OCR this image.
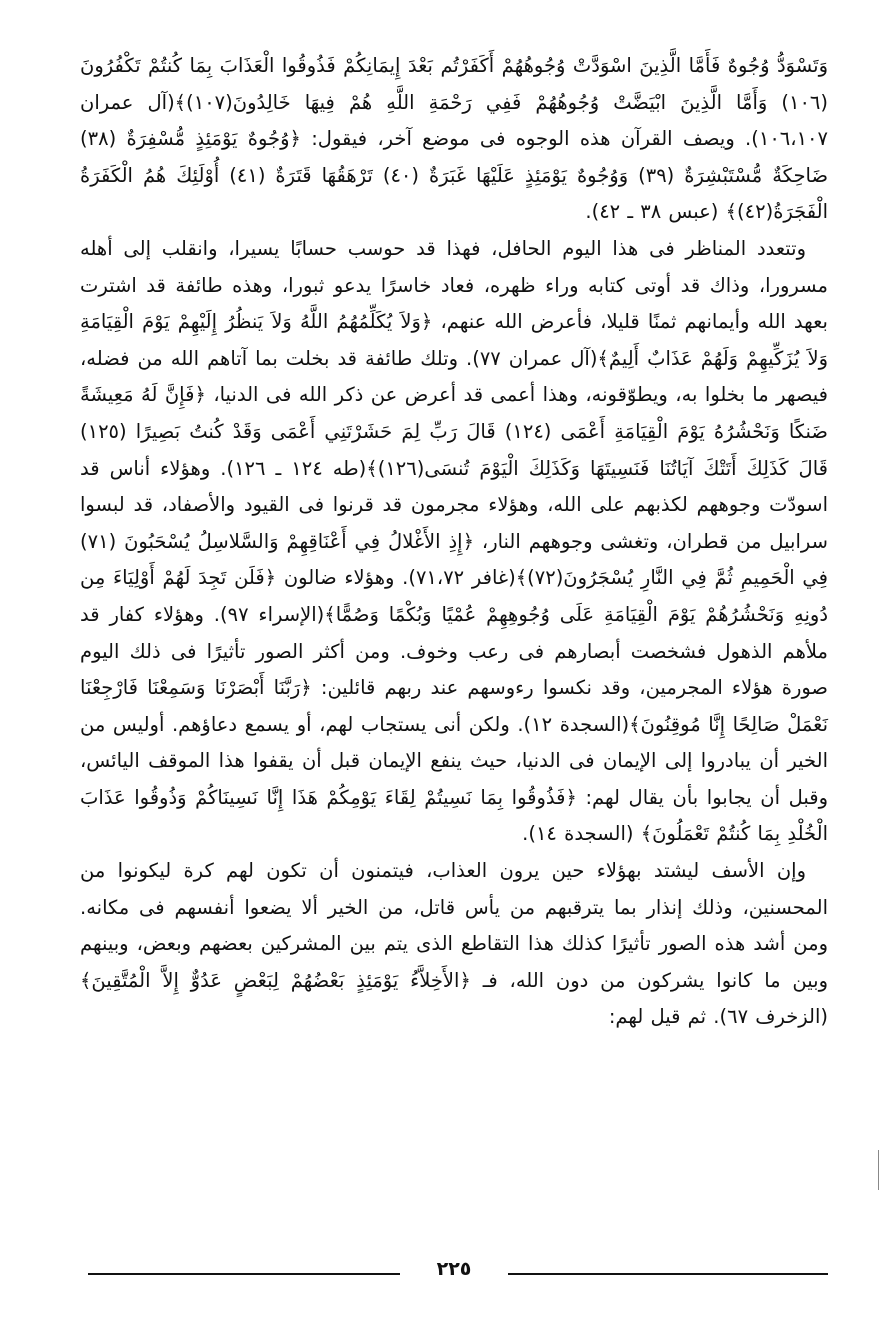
وَتَسْوَدُّ وُجُوهٌ فَأَمَّا الَّذِينَ اسْوَدَّتْ وُجُوهُهُمْ أَكَفَرْتُم بَعْدَ إِيمَانِكُمْ فَذُوقُوا الْعَذَابَ بِمَا كُنتُمْ تَكْفُرُونَ (١٠٦) وَأَمَّا الَّذِينَ ابْيَضَّتْ وُجُوهُهُمْ فَفِي رَحْمَةِ اللَّهِ هُمْ فِيهَا خَالِدُونَ(١٠٧)﴾(آل عمران ١٠٦،١٠٧). ويصف القرآن هذه الوجوه فى موضع آخر، فيقول: ﴿وُجُوهٌ يَوْمَئِذٍ مُّسْفِرَةٌ (٣٨) ضَاحِكَةٌ مُّسْتَبْشِرَةٌ (٣٩) وَوُجُوهٌ يَوْمَئِذٍ عَلَيْهَا غَبَرَةٌ (٤٠) تَرْهَقُهَا قَتَرَةٌ (٤١) أُوْلَئِكَ هُمُ الْكَفَرَةُ الْفَجَرَةُ(٤٢)﴾ (عبس ٣٨ ـ ٤٢).

وتتعدد المناظر فى هذا اليوم الحافل، فهذا قد حوسب حسابًا يسيرا، وانقلب إلى أهله مسرورا، وذاك قد أوتى كتابه وراء ظهره، فعاد خاسرًا يدعو ثبورا، وهذه طائفة قد اشترت بعهد الله وأيمانهم ثمنًا قليلا، فأعرض الله عنهم، ﴿وَلاَ يُكَلِّمُهُمُ اللَّهُ وَلاَ يَنظُرُ إِلَيْهِمْ يَوْمَ الْقِيَامَةِ وَلاَ يُزَكِّيهِمْ وَلَهُمْ عَذَابٌ أَلِيمٌ﴾(آل عمران ٧٧). وتلك طائفة قد بخلت بما آتاهم الله من فضله، فيصهر ما بخلوا به، ويطوّقونه، وهذا أعمى قد أعرض عن ذكر الله فى الدنيا، ﴿فَإِنَّ لَهُ مَعِيشَةً ضَنكًا وَنَحْشُرُهُ يَوْمَ الْقِيَامَةِ أَعْمَى (١٢٤) قَالَ رَبِّ لِمَ حَشَرْتَنِي أَعْمَى وَقَدْ كُنتُ بَصِيرًا (١٢٥) قَالَ كَذَلِكَ أَتَتْكَ آيَاتُنَا فَنَسِيتَهَا وَكَذَلِكَ الْيَوْمَ تُنسَى(١٢٦)﴾(طه ١٢٤ ـ ١٢٦). وهؤلاء أناس قد اسودّت وجوههم لكذبهم على الله، وهؤلاء مجرمون قد قرنوا فى القيود والأصفاد، قد لبسوا سرابيل من قطران، وتغشى وجوههم النار، ﴿إِذِ الأَغْلالُ فِي أَعْنَاقِهِمْ وَالسَّلاسِلُ يُسْحَبُونَ (٧١) فِي الْحَمِيمِ ثُمَّ فِي النَّارِ يُسْجَرُونَ(٧٢)﴾(غافر ٧١،٧٢). وهؤلاء ضالون ﴿فَلَن تَجِدَ لَهُمْ أَوْلِيَاءَ مِن دُونِهِ وَنَحْشُرُهُمْ يَوْمَ الْقِيَامَةِ عَلَى وُجُوهِهِمْ عُمْيًا وَبُكْمًا وَصُمًّا﴾(الإسراء ٩٧). وهؤلاء كفار قد ملأهم الذهول فشخصت أبصارهم فى رعب وخوف. ومن أكثر الصور تأثيرًا فى ذلك اليوم صورة هؤلاء المجرمين، وقد نكسوا رءوسهم عند ربهم قائلين: ﴿رَبَّنَا أَبْصَرْنَا وَسَمِعْنَا فَارْجِعْنَا نَعْمَلْ صَالِحًا إِنَّا مُوقِنُونَ﴾(السجدة ١٢). ولكن أنى يستجاب لهم، أو يسمع دعاؤهم. أوليس من الخير أن يبادروا إلى الإيمان فى الدنيا، حيث ينفع الإيمان قبل أن يقفوا هذا الموقف اليائس، وقبل أن يجابوا بأن يقال لهم: ﴿فَذُوقُوا بِمَا نَسِيتُمْ لِقَاءَ يَوْمِكُمْ هَذَا إِنَّا نَسِينَاكُمْ وَذُوقُوا عَذَابَ الْخُلْدِ بِمَا كُنتُمْ تَعْمَلُونَ﴾ (السجدة ١٤).

وإن الأسف ليشتد بهؤلاء حين يرون العذاب، فيتمنون أن تكون لهم كرة ليكونوا من المحسنين، وذلك إنذار بما يترقبهم من يأس قاتل، من الخير ألا يضعوا أنفسهم فى مكانه. ومن أشد هذه الصور تأثيرًا كذلك هذا التقاطع الذى يتم بين المشركين بعضهم وبعض، وبينهم وبين ما كانوا يشركون من دون الله، فـ ﴿الأَخِلاَّءُ يَوْمَئِذٍ بَعْضُهُمْ لِبَعْضٍ عَدُوٌّ إِلاَّ الْمُتَّقِينَ﴾(الزخرف ٦٧). ثم قيل لهم:

٢٢٥
